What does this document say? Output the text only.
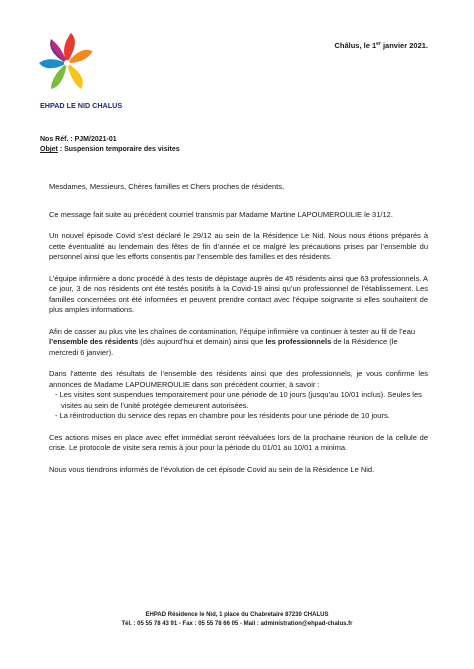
EHPAD LE NID CHALUS
Châlus, le 1er janvier 2021.
Nos Réf. : PJM/2021-01
Objet : Suspension temporaire des visites

Mesdames, Messieurs, Chères familles et Chers proches de résidents,

Ce message fait suite au précédent courriel transmis par Madame Martine LAPOUMEROULIE le 31/12.

Un nouvel épisode Covid s’est déclaré le 29/12 au sein de la Résidence Le Nid. Nous nous étions préparés à cette éventualité au lendemain des fêtes de fin d’année et ce malgré les précautions prises par l’ensemble du personnel ainsi que les efforts consentis par l’ensemble des familles et des résidents.

L’équipe infirmière a donc procédé à des tests de dépistage auprès de 45 résidents ainsi que 63 professionnels. A ce jour, 3 de nos résidents ont été testés positifs à la Covid-19 ainsi qu’un professionnel de l’établissement. Les familles concernées ont été informées et peuvent prendre contact avec l’équipe soignante si elles souhaitent de plus amples informations.

Afin de casser au plus vite les chaînes de contamination, l’équipe infirmière va continuer à tester au fil de l’eau l’ensemble des résidents (dès aujourd’hui et demain) ainsi que les professionnels de la Résidence (le mercredi 6 janvier).

Dans l’attente des résultats de l’ensemble des résidents ainsi que des professionnels, je vous confirme les annonces de Madame LAPOUMEROULIE dans son précédent courrier, à savoir :

- Les visites sont suspendues temporairement pour une période de 10 jours (jusqu’au 10/01 inclus). Seules les visites au sein de l’unité protégée demeurent autorisées.
- La réintroduction du service des repas en chambre pour les résidents pour une période de 10 jours.

Ces actions mises en place avec effet immédiat seront réévaluées lors de la prochaine réunion de la cellule de crise. Le protocole de visite sera remis à jour pour la période du 01/01 au 10/01 a minima.

Nous vous tiendrons informés de l’évolution de cet épisode Covid au sein de la Résidence Le Nid.

EHPAD Résidence le Nid, 1 place du Chabretaire 87230 CHALUS
Tél. : 05 55 78 43 91 - Fax : 05 55 78 66 05 - Mail : administration@ehpad-chalus.fr
